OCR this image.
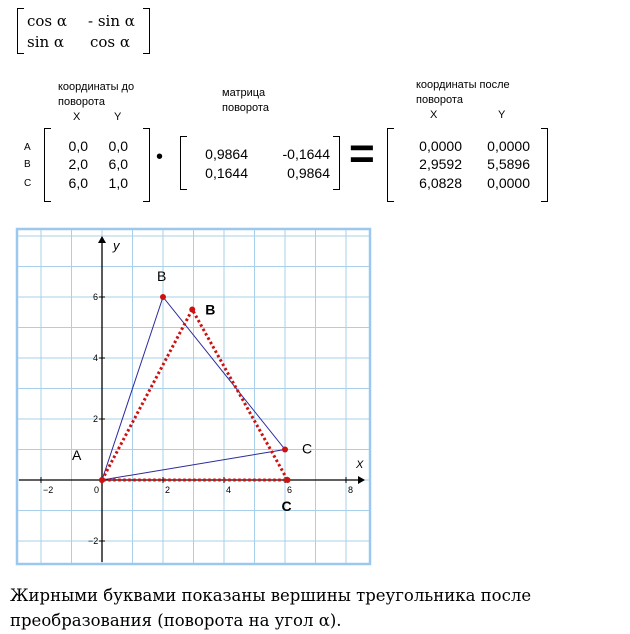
cos α - sin α
sin α cos α
координаты до
поворота
X	Y
A
B
C
0,0	0,0
2,0	6,0
6,0	1,0
•
матрица
поворота
0,9864	-0,1644
0,1644	0,9864 =
координаты после
поворота
X	Y
0,0000	0,0000
2,9592	5,5896
6,0828	0,0000
X
y
−2	0	2	4	6	8
6
4
2
−2
A
B
C
B
C
Жирными буквами показаны вершины треугольника после преобразования (поворота на угол α).
